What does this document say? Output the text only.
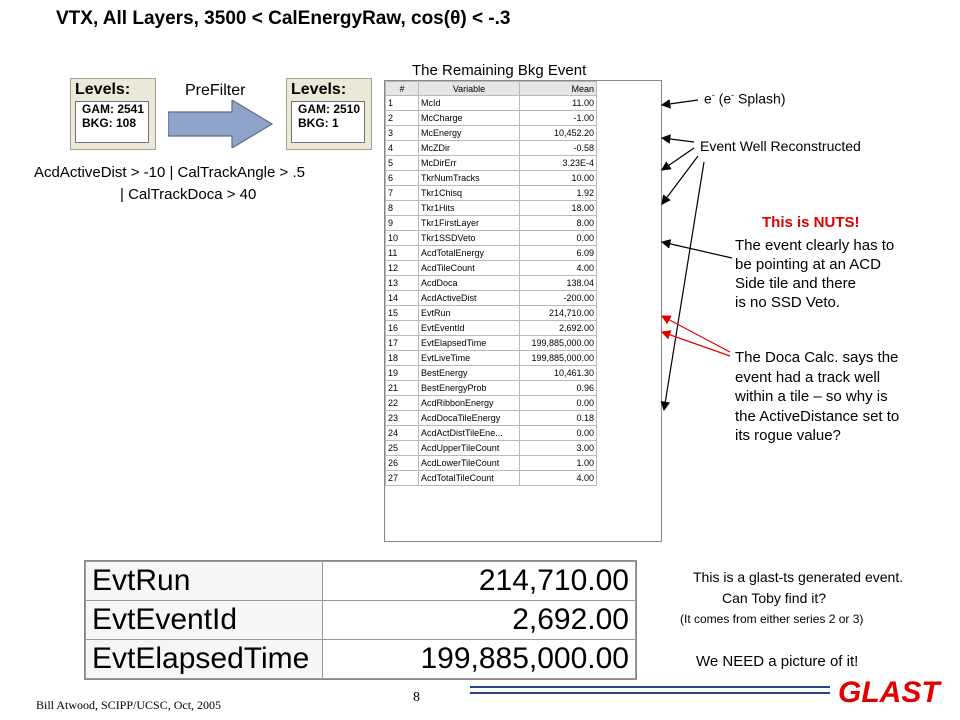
VTX, All Layers, 3500 < CalEnergyRaw, cos(θ) < -.3
Levels:
GAM: 2541
BKG: 108
PreFilter	Levels:
GAM: 2510
BKG: 1
AcdActiveDist > -10 | CalTrackAngle > .5
| CalTrackDoca > 40
The Remaining Bkg Event
#	Variable	Mean
1	McId	11.00
2	McCharge	-1.00
3	McEnergy	10,452.20
4	McZDir	-0.58
5	McDirErr	3.23E-4
6	TkrNumTracks	10.00
7	Tkr1Chisq	1.92
8	Tkr1Hits	18.00
9	Tkr1FirstLayer	8.00
10	Tkr1SSDVeto	0.00
11	AcdTotalEnergy	6.09
12	AcdTileCount	4.00
13	AcdDoca	138.04
14	AcdActiveDist	-200.00
15	EvtRun	214,710.00
16	EvtEventId	2,692.00
17	EvtElapsedTime	199,885,000.00
18	EvtLiveTime	199,885,000.00
19	BestEnergy	10,461.30
21	BestEnergyProb	0.96
22	AcdRibbonEnergy	0.00
23	AcdDocaTileEnergy	0.18
24	AcdActDistTileEne...	0.00
25	AcdUpperTileCount	3.00
26	AcdLowerTileCount	1.00
27	AcdTotalTileCount	4.00
e- (e- Splash)
Event Well Reconstructed
This is NUTS!
The event clearly has to
be pointing at an ACD
Side tile and there
is no SSD Veto.
The Doca Calc. says the
event had a track well
within a tile – so why is
the ActiveDistance set to
its rogue value?
EvtRun	214,710.00
EvtEventId	2,692.00
EvtElapsedTime	199,885,000.00
This is a glast-ts generated event.
Can Toby find it?
(It comes from either series 2 or 3)
We NEED a picture of it!
Bill Atwood, SCIPP/UCSC, Oct, 2005	8	GLAST
